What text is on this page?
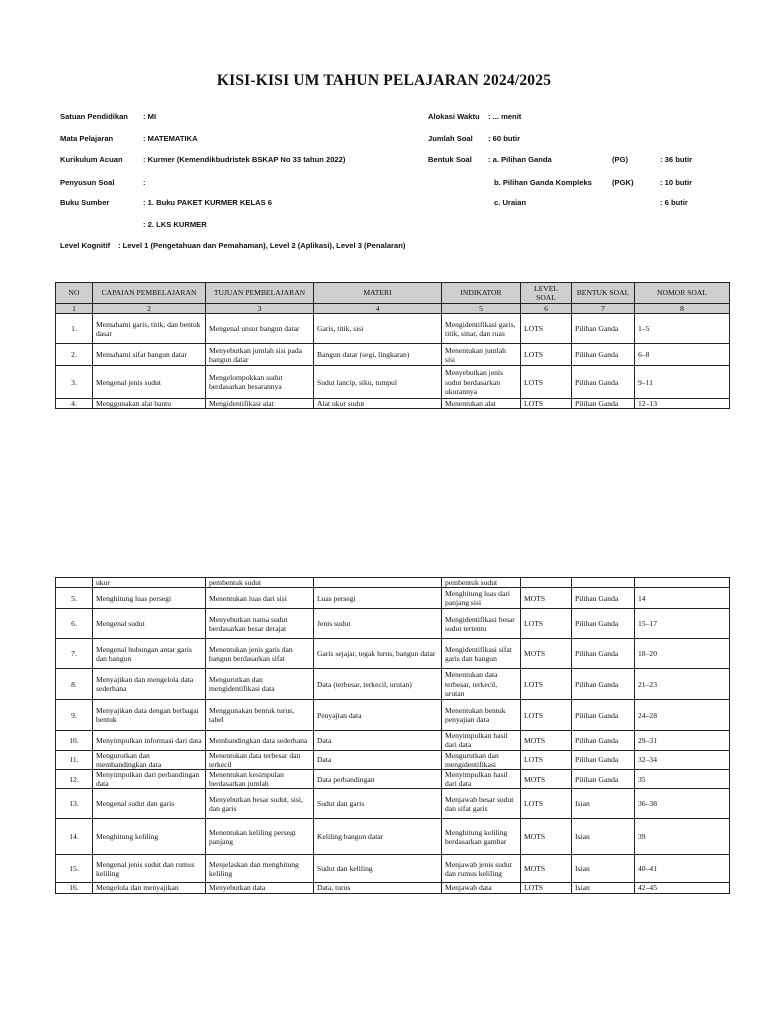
KISI-KISI UM TAHUN PELAJARAN 2024/2025
Satuan Pendidikan : MI
Mata Pelajaran	: MATEMATIKA
Kurikulum Acuan	: Kurmer (Kemendikbudristek BSKAP No 33 tahun 2022)
Penyusun Soal	:
Buku Sumber	: 1. Buku PAKET KURMER KELAS 6
: 2. LKS KURMER
Level Kognitif : Level 1 (Pengetahuan dan Pemahaman), Level 2 (Aplikasi), Level 3 (Penalaran)
Alokasi Waktu : ... menit
Jumlah Soal : 60 butir
Bentuk Soal : a. Pilihan Ganda	(PG)	: 36 butir
b. Pilihan Ganda Kompleks	(PGK)	: 10 butir
c. Uraian	: 6 butir
NO	CAPAIAN PEMBELAJARAN	TUJUAN PEMBELAJARAN	MATERI	INDIKATOR	LEVEL SOAL	BENTUK SOAL	NOMOR SOAL
1	2	3	4	5	6	7	8
1.	Memahami garis, titik, dan bentuk dasar	Mengenal unsur bangun datar	Garis, titik, sisi	Mengidentifikasi garis, titik, sinar, dan ruas	LOTS	Pilihan Ganda	1–5
2.	Memahami sifat bangun datar	Menyebutkan jumlah sisi pada bangun datar	Bangun datar (segi, lingkaran)	Menentukan jumlah sisi	LOTS	Pilihan Ganda	6–8
3.	Mengenal jenis sudut	Mengelompokkan sudut berdasarkan besarannya	Sudut lancip, siku, tumpul	Menyebutkan jenis sudut berdasarkan ukurannya	LOTS	Pilihan Ganda	9–11
4.	Menggunakan alat bantu	Mengidentifikasi alat	Alat ukur sudut	Menentukan alat	LOTS	Pilihan Ganda	12–13
	ukur	pembentuk sudut		pembentuk sudut			
5.	Menghitung luas persegi	Menentukan luas dari sisi	Luas persegi	Menghitung luas dari panjang sisi	MOTS	Pilihan Ganda	14
6.	Mengenal sudut	Menyebutkan nama sudut berdasarkan besar derajat	Jenis sudut	Mengidentifikasi besar sudut tertentu	LOTS	Pilihan Ganda	15–17
7.	Mengenal hubungan antar garis dan bangun	Menentukan jenis garis dan bangun berdasarkan sifat	Garis sejajar, tegak lurus, bangun datar	Mengidentifikasi sifat garis dan bangun	MOTS	Pilihan Ganda	18–20
8.	Menyajikan dan mengelola data sederhana	Mengurutkan dan mengidentifikasi data	Data (terbesar, terkecil, urutan)	Menentukan data terbesar, terkecil, urutan	LOTS	Pilihan Ganda	21–23
9.	Menyajikan data dengan berbagai bentuk	Menggunakan bentuk turus, tabel	Penyajian data	Menentukan bentuk penyajian data	LOTS	Pilihan Ganda	24–28
10.	Menyimpulkan informasi dari data	Membandingkan data sederhana	Data	Menyimpulkan hasil dari data	MOTS	Pilihan Ganda	29–31
11.	Mengurutkan dan membandingkan data	Menentukan data terbesar dan terkecil	Data	Mengurutkan dan mengidentifikasi	LOTS	Pilihan Ganda	32–34
12.	Menyimpulkan dari perbandingan data	Menentukan kesimpulan berdasarkan jumlah	Data perbandingan	Menyimpulkan hasil dari data	MOTS	Pilihan Ganda	35
13.	Mengenal sudut dan garis	Menyebutkan besar sudut, sisi, dan garis	Sudut dan garis	Menjawab besar sudut dan sifat garis	LOTS	Isian	36–38
14.	Menghitung keliling	Menentukan keliling persegi panjang	Keliling bangun datar	Menghitung keliling berdasarkan gambar	MOTS	Isian	39
15.	Mengenal jenis sudut dan rumus keliling	Menjelaskan dan menghitung keliling	Sudut dan keliling	Menjawab jenis sudut dan rumus keliling	MOTS	Isian	40–41
16.	Mengelola dan menyajikan	Menyebutkan data	Data, turus	Menjawab data	LOTS	Isian	42–45
